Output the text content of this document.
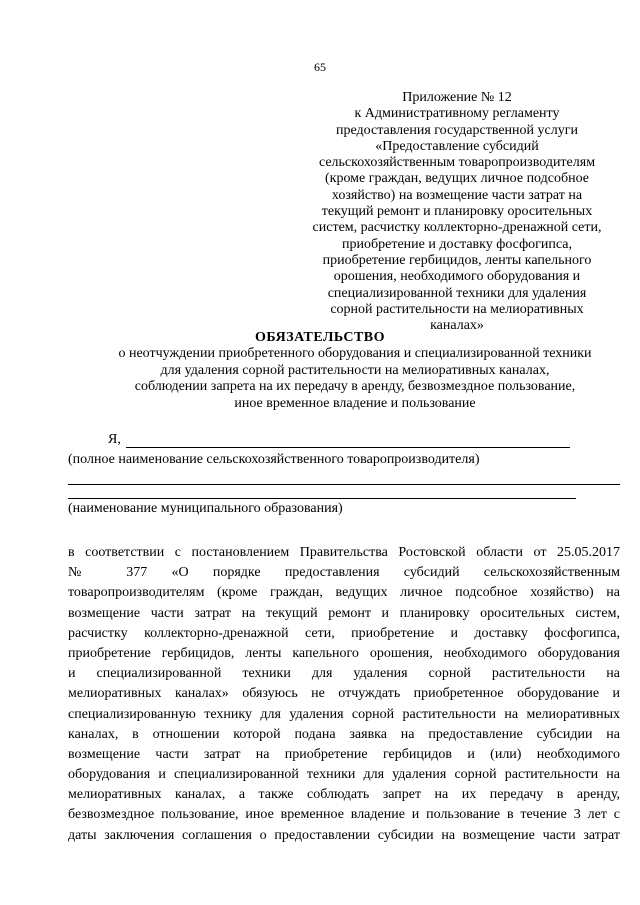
65
Приложение № 12
к Административному регламенту
предоставления государственной услуги
«Предоставление субсидий
сельскохозяйственным товаропроизводителям
(кроме граждан, ведущих личное подсобное
хозяйство) на возмещение части затрат на
текущий ремонт и планировку оросительных
систем, расчистку коллекторно-дренажной сети,
приобретение и доставку фосфогипса,
приобретение гербицидов, ленты капельного
орошения, необходимого оборудования и
специализированной техники для удаления
сорной растительности на мелиоративных
каналах»
ОБЯЗАТЕЛЬСТВО
о неотчуждении приобретенного оборудования и специализированной техники
для удаления сорной растительности на мелиоративных каналах,
соблюдении запрета на их передачу в аренду, безвозмездное пользование,
иное временное владение и пользование
Я,
(полное наименование сельскохозяйственного товаропроизводителя)
(наименование муниципального образования)
в соответствии с постановлением Правительства Ростовской области от 25.05.2017
№ 377 «О порядке предоставления субсидий сельскохозяйственным
товаропроизводителям (кроме граждан, ведущих личное подсобное хозяйство) на
возмещение части затрат на текущий ремонт и планировку оросительных систем,
расчистку коллекторно-дренажной сети, приобретение и доставку фосфогипса,
приобретение гербицидов, ленты капельного орошения, необходимого оборудования
и специализированной техники для удаления сорной растительности на
мелиоративных каналах» обязуюсь не отчуждать приобретенное оборудование и
специализированную технику для удаления сорной растительности на мелиоративных
каналах, в отношении которой подана заявка на предоставление субсидии на
возмещение части затрат на приобретение гербицидов и (или) необходимого
оборудования и специализированной техники для удаления сорной растительности на
мелиоративных каналах, а также соблюдать запрет на их передачу в аренду,
безвозмездное пользование, иное временное владение и пользование в течение 3 лет с
даты заключения соглашения о предоставлении субсидии на возмещение части затрат
